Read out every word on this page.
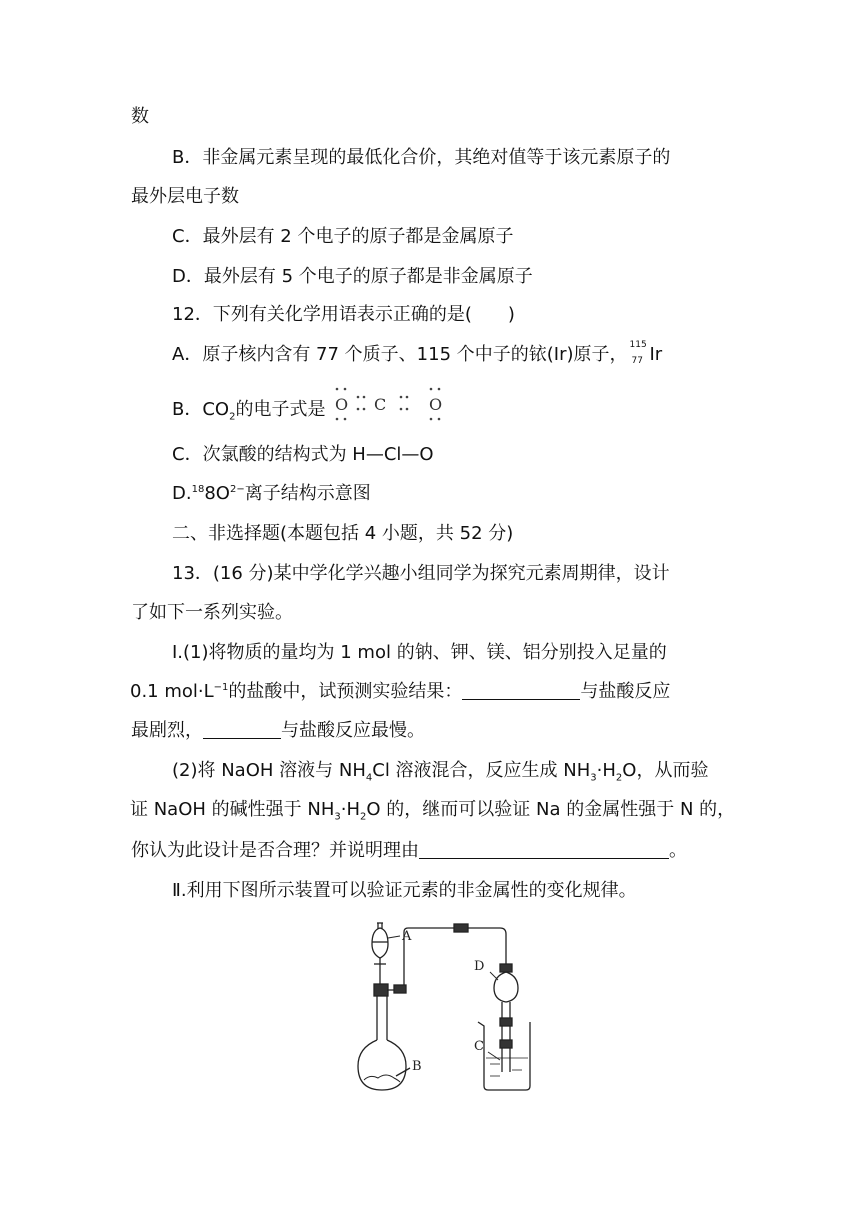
数
B．非金属元素呈现的最低化合价，其绝对值等于该元素原子的
最外层电子数
C．最外层有 2 个电子的原子都是金属原子
D．最外层有 5 个电子的原子都是非金属原子
12．下列有关化学用语表示正确的是(　　)
A．原子核内含有 77 个质子、115 个中子的铱(Ir)原子， 115
77 Ir
B．$CO_2$的电子式是 O C	O
C．次氯酸的结构式为 H—Cl—O
$D.^{18}8O^{2-}$离子结构示意图
二、非选择题(本题包括 4 小题，共 52 分)
13．(16 分)某中学化学兴趣小组同学为探究元素周期律，设计
了如下一系列实验。
Ⅰ.(1)将物质的量均为 1 mol 的钠、钾、镁、铝分别投入足量的
0.1 $mol\cdot L^{-1}$的盐酸中，试预测实验结果：	与盐酸反应
最剧烈，	与盐酸反应最慢。
(2)将 NaOH 溶液与 $NH_4Cl$ 溶液混合，反应生成 $NH_3\cdot H_2O$，从而验
证 NaOH 的碱性强于 $NH_3\cdot H_2O$ 的，继而可以验证 Na 的金属性强于 N 的，
你认为此设计是否合理？并说明理由	。
Ⅱ.利用下图所示装置可以验证元素的非金属性的变化规律。
A
B
C
D
